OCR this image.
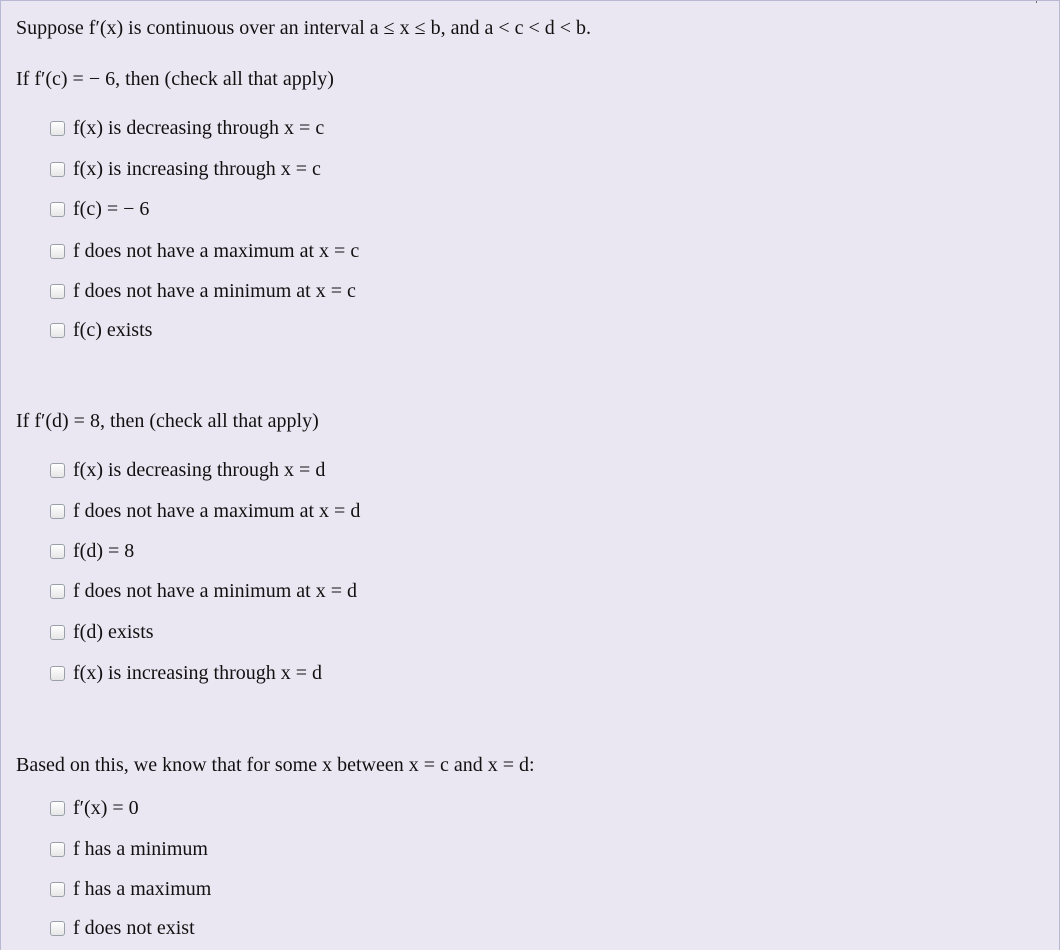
Suppose f′(x) is continuous over an interval a ≤ x ≤ b, and a < c < d < b.
If f′(c) = − 6, then (check all that apply)
f(x) is decreasing through x = c
f(x) is increasing through x = c
f(c) = − 6
f does not have a maximum at x = c
f does not have a minimum at x = c
f(c) exists
If f′(d) = 8, then (check all that apply)
f(x) is decreasing through x = d
f does not have a maximum at x = d
f(d) = 8
f does not have a minimum at x = d
f(d) exists
f(x) is increasing through x = d
Based on this, we know that for some x between x = c and x = d:
f′(x) = 0
f has a minimum
f has a maximum
f does not exist
